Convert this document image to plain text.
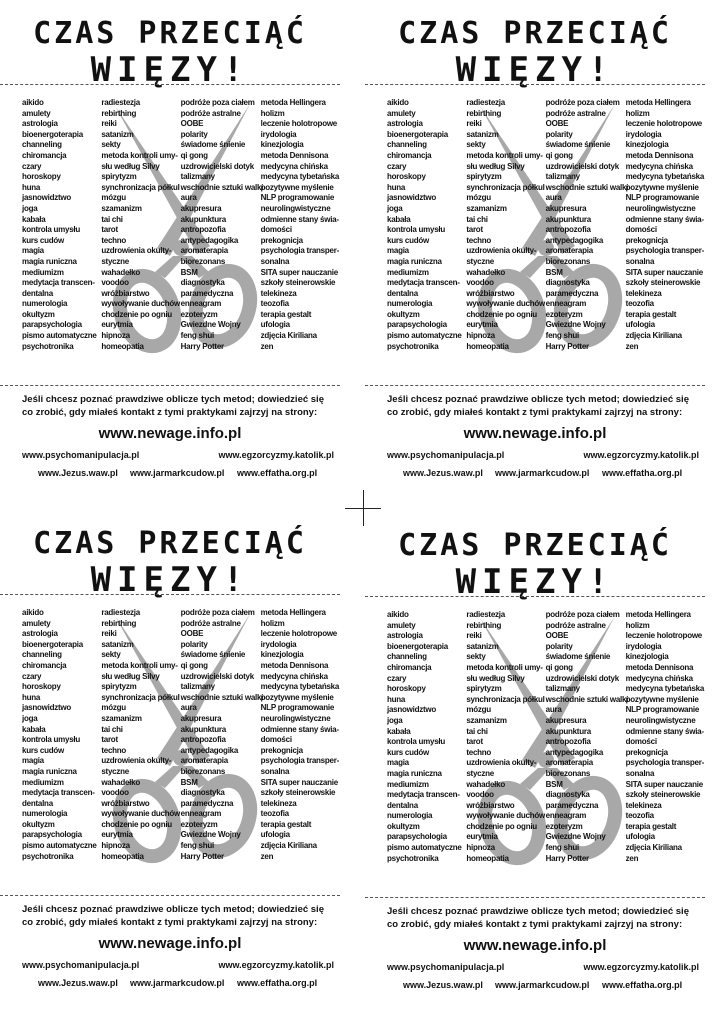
CZAS PRZECIĄĆ
WIĘZY!
aikido
amulety
astrologia
bioenergoterapia
channeling
chiromancja
czary
horoskopy
huna
jasnowidztwo
joga
kabała
kontrola umysłu
kurs cudów
magia
magia runiczna
mediumizm
medytacja transcen-
dentalna
numerologia
okultyzm
parapsychologia
pismo automatyczne
psychotronika
radiestezja
rebirthing
reiki
satanizm
sekty
metoda kontroli umy-
słu według Silvy
spirytyzm
synchronizacja półkul
mózgu
szamanizm
tai chi
tarot
techno
uzdrowienia okulty-
styczne
wahadełko
voodoo
wróżbiarstwo
wywoływanie duchów
chodzenie po ogniu
eurytmia
hipnoza
homeopatia
podróże poza ciałem
podróże astralne
OOBE
polarity
świadome śnienie
qi gong
uzdrowicielski dotyk
talizmany
wschodnie sztuki walki
aura
akupresura
akupunktura
antropozofia
antypedagogika
aromaterapia
biorezonans
BSM
diagnostyka
paramedyczna
enneagram
ezoteryzm
Gwiezdne Wojny
feng shui
Harry Potter
metoda Hellingera
holizm
leczenie holotropowe
irydologia
kinezjologia
metoda Dennisona
medycyna chińska
medycyna tybetańska
pozytywne myślenie
NLP programowanie
neurolingwistyczne
odmienne stany świa-
domości
prekognicja
psychologia transper-
sonalna
SITA super nauczanie
szkoły steinerowskie
telekineza
teozofia
terapia gestalt
ufologia
zdjęcia Kiriliana
zen

Jeśli chcesz poznać prawdziwe oblicze tych metod; dowiedzieć się co zrobić, gdy miałeś kontakt z tymi praktykami zajrzyj na strony:

www.newage.info.pl

www.psychomanipulacja.pl	www.egzorcyzmy.katolik.pl

www.Jezus.waw.pl www.jarmarkcudow.pl www.effatha.org.pl

CZAS PRZECIĄĆ
WIĘZY!
aikido
amulety
astrologia
bioenergoterapia
channeling
chiromancja
czary
horoskopy
huna
jasnowidztwo
joga
kabała
kontrola umysłu
kurs cudów
magia
magia runiczna
mediumizm
medytacja transcen-
dentalna
numerologia
okultyzm
parapsychologia
pismo automatyczne
psychotronika
radiestezja
rebirthing
reiki
satanizm
sekty
metoda kontroli umy-
słu według Silvy
spirytyzm
synchronizacja półkul
mózgu
szamanizm
tai chi
tarot
techno
uzdrowienia okulty-
styczne
wahadełko
voodoo
wróżbiarstwo
wywoływanie duchów
chodzenie po ogniu
eurytmia
hipnoza
homeopatia
podróże poza ciałem
podróże astralne
OOBE
polarity
świadome śnienie
qi gong
uzdrowicielski dotyk
talizmany
wschodnie sztuki walki
aura
akupresura
akupunktura
antropozofia
antypedagogika
aromaterapia
biorezonans
BSM
diagnostyka
paramedyczna
enneagram
ezoteryzm
Gwiezdne Wojny
feng shui
Harry Potter
metoda Hellingera
holizm
leczenie holotropowe
irydologia
kinezjologia
metoda Dennisona
medycyna chińska
medycyna tybetańska
pozytywne myślenie
NLP programowanie
neurolingwistyczne
odmienne stany świa-
domości
prekognicja
psychologia transper-
sonalna
SITA super nauczanie
szkoły steinerowskie
telekineza
teozofia
terapia gestalt
ufologia
zdjęcia Kiriliana
zen

Jeśli chcesz poznać prawdziwe oblicze tych metod; dowiedzieć się co zrobić, gdy miałeś kontakt z tymi praktykami zajrzyj na strony:

www.newage.info.pl

www.psychomanipulacja.pl	www.egzorcyzmy.katolik.pl

www.Jezus.waw.pl www.jarmarkcudow.pl www.effatha.org.pl

CZAS PRZECIĄĆ
WIĘZY!
aikido
amulety
astrologia
bioenergoterapia
channeling
chiromancja
czary
horoskopy
huna
jasnowidztwo
joga
kabała
kontrola umysłu
kurs cudów
magia
magia runiczna
mediumizm
medytacja transcen-
dentalna
numerologia
okultyzm
parapsychologia
pismo automatyczne
psychotronika
radiestezja
rebirthing
reiki
satanizm
sekty
metoda kontroli umy-
słu według Silvy
spirytyzm
synchronizacja półkul
mózgu
szamanizm
tai chi
tarot
techno
uzdrowienia okulty-
styczne
wahadełko
voodoo
wróżbiarstwo
wywoływanie duchów
chodzenie po ogniu
eurytmia
hipnoza
homeopatia
podróże poza ciałem
podróże astralne
OOBE
polarity
świadome śnienie
qi gong
uzdrowicielski dotyk
talizmany
wschodnie sztuki walki
aura
akupresura
akupunktura
antropozofia
antypedagogika
aromaterapia
biorezonans
BSM
diagnostyka
paramedyczna
enneagram
ezoteryzm
Gwiezdne Wojny
feng shui
Harry Potter
metoda Hellingera
holizm
leczenie holotropowe
irydologia
kinezjologia
metoda Dennisona
medycyna chińska
medycyna tybetańska
pozytywne myślenie
NLP programowanie
neurolingwistyczne
odmienne stany świa-
domości
prekognicja
psychologia transper-
sonalna
SITA super nauczanie
szkoły steinerowskie
telekineza
teozofia
terapia gestalt
ufologia
zdjęcia Kiriliana
zen

Jeśli chcesz poznać prawdziwe oblicze tych metod; dowiedzieć się co zrobić, gdy miałeś kontakt z tymi praktykami zajrzyj na strony:

www.newage.info.pl

www.psychomanipulacja.pl	www.egzorcyzmy.katolik.pl

www.Jezus.waw.pl www.jarmarkcudow.pl www.effatha.org.pl

CZAS PRZECIĄĆ
WIĘZY!
aikido
amulety
astrologia
bioenergoterapia
channeling
chiromancja
czary
horoskopy
huna
jasnowidztwo
joga
kabała
kontrola umysłu
kurs cudów
magia
magia runiczna
mediumizm
medytacja transcen-
dentalna
numerologia
okultyzm
parapsychologia
pismo automatyczne
psychotronika
radiestezja
rebirthing
reiki
satanizm
sekty
metoda kontroli umy-
słu według Silvy
spirytyzm
synchronizacja półkul
mózgu
szamanizm
tai chi
tarot
techno
uzdrowienia okulty-
styczne
wahadełko
voodoo
wróżbiarstwo
wywoływanie duchów
chodzenie po ogniu
eurytmia
hipnoza
homeopatia
podróże poza ciałem
podróże astralne
OOBE
polarity
świadome śnienie
qi gong
uzdrowicielski dotyk
talizmany
wschodnie sztuki walki
aura
akupresura
akupunktura
antropozofia
antypedagogika
aromaterapia
biorezonans
BSM
diagnostyka
paramedyczna
enneagram
ezoteryzm
Gwiezdne Wojny
feng shui
Harry Potter
metoda Hellingera
holizm
leczenie holotropowe
irydologia
kinezjologia
metoda Dennisona
medycyna chińska
medycyna tybetańska
pozytywne myślenie
NLP programowanie
neurolingwistyczne
odmienne stany świa-
domości
prekognicja
psychologia transper-
sonalna
SITA super nauczanie
szkoły steinerowskie
telekineza
teozofia
terapia gestalt
ufologia
zdjęcia Kiriliana
zen

Jeśli chcesz poznać prawdziwe oblicze tych metod; dowiedzieć się co zrobić, gdy miałeś kontakt z tymi praktykami zajrzyj na strony:

www.newage.info.pl

www.psychomanipulacja.pl	www.egzorcyzmy.katolik.pl

www.Jezus.waw.pl www.jarmarkcudow.pl www.effatha.org.pl
